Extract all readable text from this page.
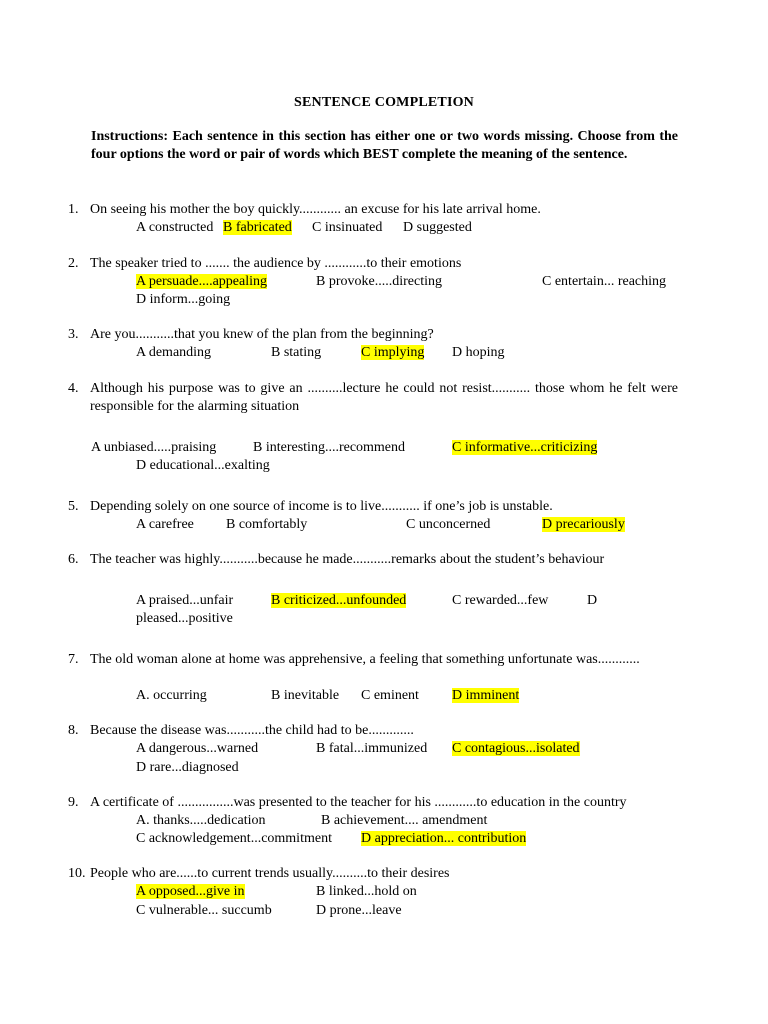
SENTENCE COMPLETION
Instructions: Each sentence in this section has either one or two words missing. Choose from the four options the word or pair of words which BEST complete the meaning of the sentence.
1. On seeing his mother the boy quickly............ an excuse for his late arrival home.
A constructed B fabricated C insinuated D suggested
2. The speaker tried to ....... the audience by ............to their emotions
A persuade....appealing	B provoke.....directing	C entertain... reaching
D inform...going
3. Are you...........that you knew of the plan from the beginning?
A demanding	B stating	C implying D hoping
4. Although his purpose was to give an ..........lecture he could not resist........... those whom he felt were responsible for the alarming situation
A unbiased.....praising	B interesting....recommend	C informative...criticizing
D educational...exalting
5. Depending solely on one source of income is to live........... if one’s job is unstable.
A carefree B comfortably	C unconcerned	D precariously
6. The teacher was highly...........because he made...........remarks about the student’s behaviour
A praised...unfair	B criticized...unfounded	C rewarded...few	D
pleased...positive
7. The old woman alone at home was apprehensive, a feeling that something unfortunate was............
A. occurring	B inevitable C eminent D imminent
8. Because the disease was...........the child had to be.............
A dangerous...warned	B fatal...immunized C contagious...isolated
D rare...diagnosed
9. A certificate of ................was presented to the teacher for his ............to education in the country
A. thanks.....dedication	B achievement.... amendment
C acknowledgement...commitment D appreciation... contribution
10. People who are......to current trends usually..........to their desires
A opposed...give in	B linked...hold on
C vulnerable... succumb	D prone...leave
